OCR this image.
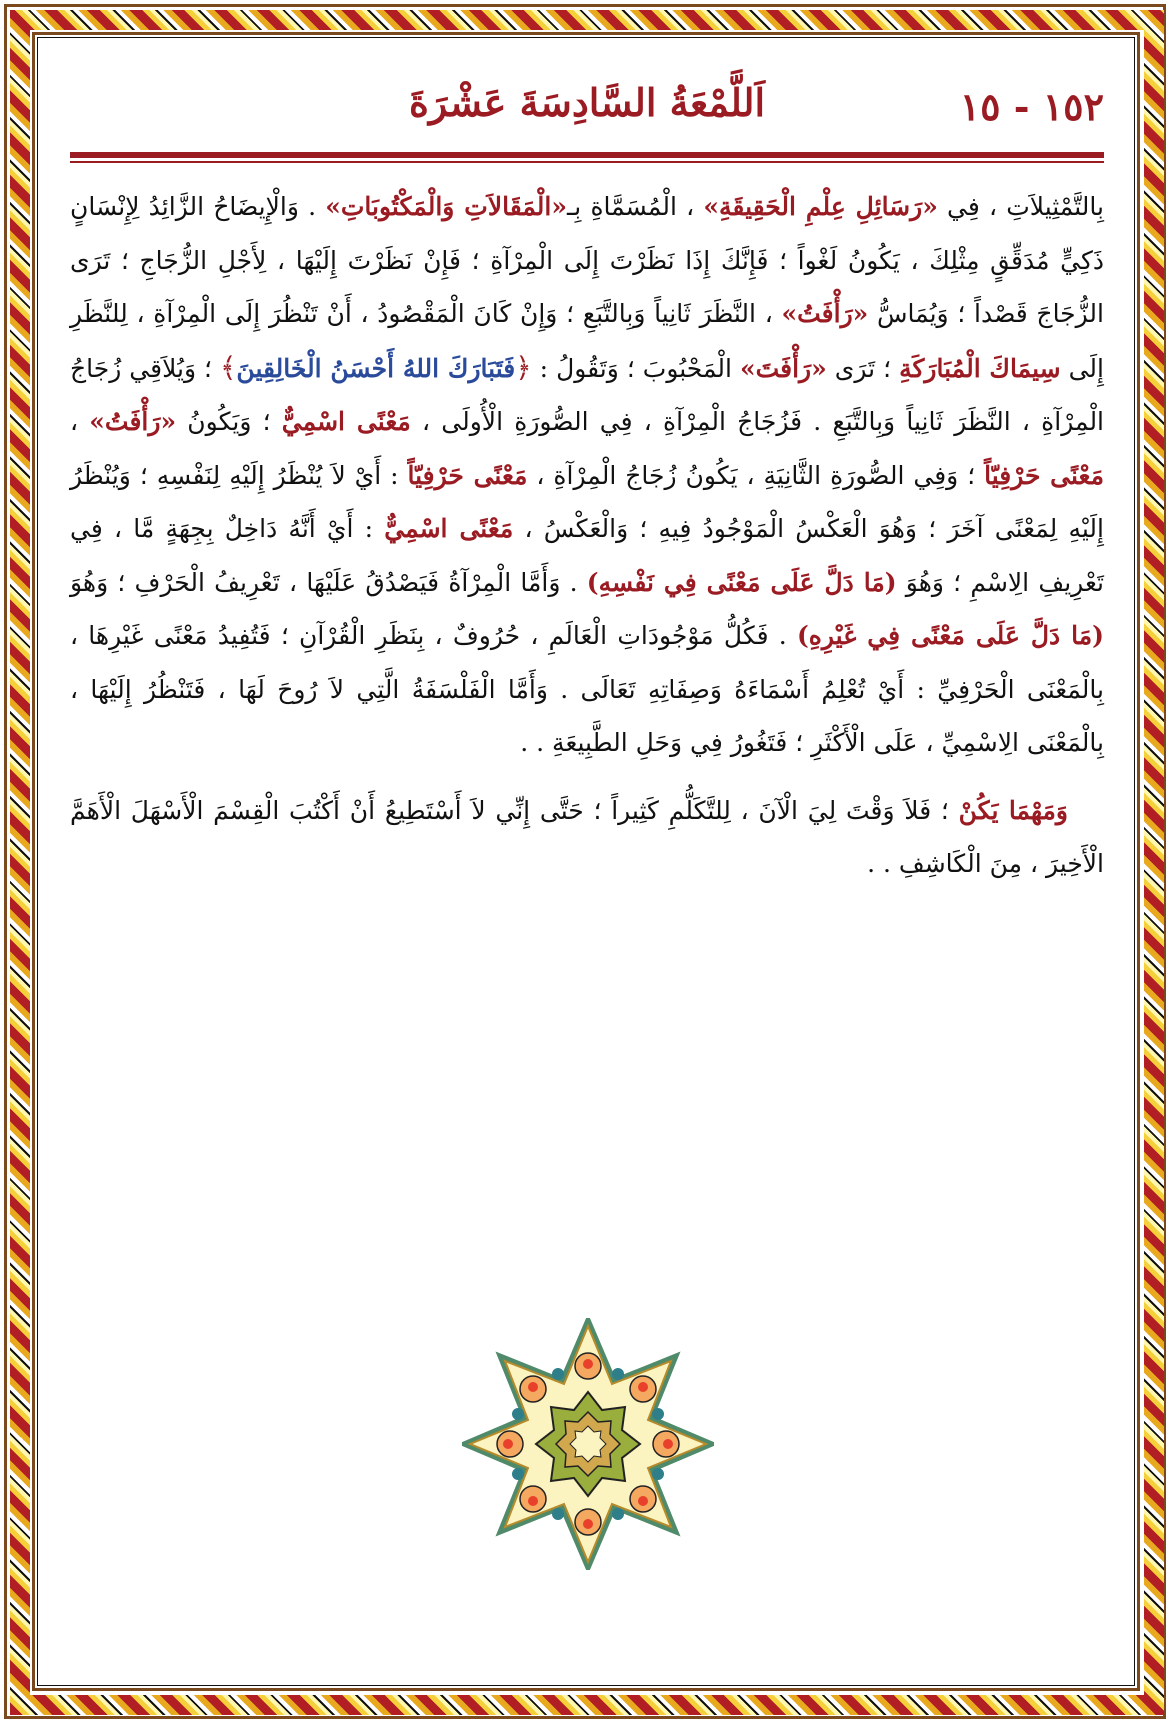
١٥٢ - ١٥
اَللَّمْعَةُ السَّادِسَةَ عَشْرَةَ

بِالتَّمْثِيلاَتِ ، فِي «رَسَائِلِ عِلْمِ الْحَقِيقَةِ» ، الْمُسَمَّاةِ بِـ«الْمَقَالاَتِ وَالْمَكْتُوبَاتِ» . وَالْإِيضَاحُ الزَّائِدُ لِإِنْسَانٍ ذَكِيٍّ مُدَقِّقٍ مِثْلِكَ ، يَكُونُ لَغْواً ؛ فَإِنَّكَ إِذَا نَظَرْتَ إِلَى الْمِرْآةِ ؛ فَإِنْ نَظَرْتَ إِلَيْهَا ، لِأَجْلِ الزُّجَاجِ ؛ تَرَى الزُّجَاجَ قَصْداً ؛ وَيُمَاسُّ «رَأْفَتُ» ، النَّظَرَ ثَانِياً وَبِالتَّبَعِ ؛ وَإِنْ كَانَ الْمَقْصُودُ ، أَنْ تَنْظُرَ إِلَى الْمِرْآةِ ، لِلنَّظَرِ إِلَى سِيمَاكَ الْمُبَارَكَةِ ؛ تَرَى «رَأْفَتَ» الْمَحْبُوبَ ؛ وَتَقُولُ : ﴿فَتَبَارَكَ اللهُ أَحْسَنُ الْخَالِقِينَ﴾ ؛ وَيُلاَقِي زُجَاجُ الْمِرْآةِ ، النَّظَرَ ثَانِياً وَبِالتَّبَعِ . فَزُجَاجُ الْمِرْآةِ ، فِي الصُّورَةِ الْأُولَى ، مَعْنًى اسْمِيٌّ ؛ وَيَكُونُ «رَأْفَتُ» ، مَعْنًى حَرْفِيّاً ؛ وَفِي الصُّورَةِ الثَّانِيَةِ ، يَكُونُ زُجَاجُ الْمِرْآةِ ، مَعْنًى حَرْفِيّاً : أَيْ لاَ يُنْظَرُ إِلَيْهِ لِنَفْسِهِ ؛ وَيُنْظَرُ إِلَيْهِ لِمَعْنًى آخَرَ ؛ وَهُوَ الْعَكْسُ الْمَوْجُودُ فِيهِ ؛ وَالْعَكْسُ ، مَعْنًى اسْمِيٌّ : أَيْ أَنَّهُ دَاخِلٌ بِجِهَةٍ مَّا ، فِي تَعْرِيفِ الِاسْمِ ؛ وَهُوَ (مَا دَلَّ عَلَى مَعْنًى فِي نَفْسِهِ) . وَأَمَّا الْمِرْآةُ فَيَصْدُقُ عَلَيْهَا ، تَعْرِيفُ الْحَرْفِ ؛ وَهُوَ (مَا دَلَّ عَلَى مَعْنًى فِي غَيْرِهِ) . فَكُلُّ مَوْجُودَاتِ الْعَالَمِ ، حُرُوفٌ ، بِنَظَرِ الْقُرْآنِ ؛ فَتُفِيدُ مَعْنًى غَيْرِهَا ، بِالْمَعْنَى الْحَرْفِيِّ : أَيْ تُعْلِمُ أَسْمَاءَهُ وَصِفَاتِهِ تَعَالَى . وَأَمَّا الْفَلْسَفَةُ الَّتِي لاَ رُوحَ لَهَا ، فَتَنْظُرُ إِلَيْهَا ، بِالْمَعْنَى الِاسْمِيِّ ، عَلَى الْأَكْثَرِ ؛ فَتَغُورُ فِي وَحَلِ الطَّبِيعَةِ . .

وَمَهْمَا يَكُنْ ؛ فَلاَ وَقْتَ لِيَ الْآنَ ، لِلتَّكَلُّمِ كَثِيراً ؛ حَتَّى إِنِّي لاَ أَسْتَطِيعُ أَنْ أَكْتُبَ الْقِسْمَ الْأَسْهَلَ الْأَهَمَّ الْأَخِيرَ ، مِنَ الْكَاشِفِ . .
